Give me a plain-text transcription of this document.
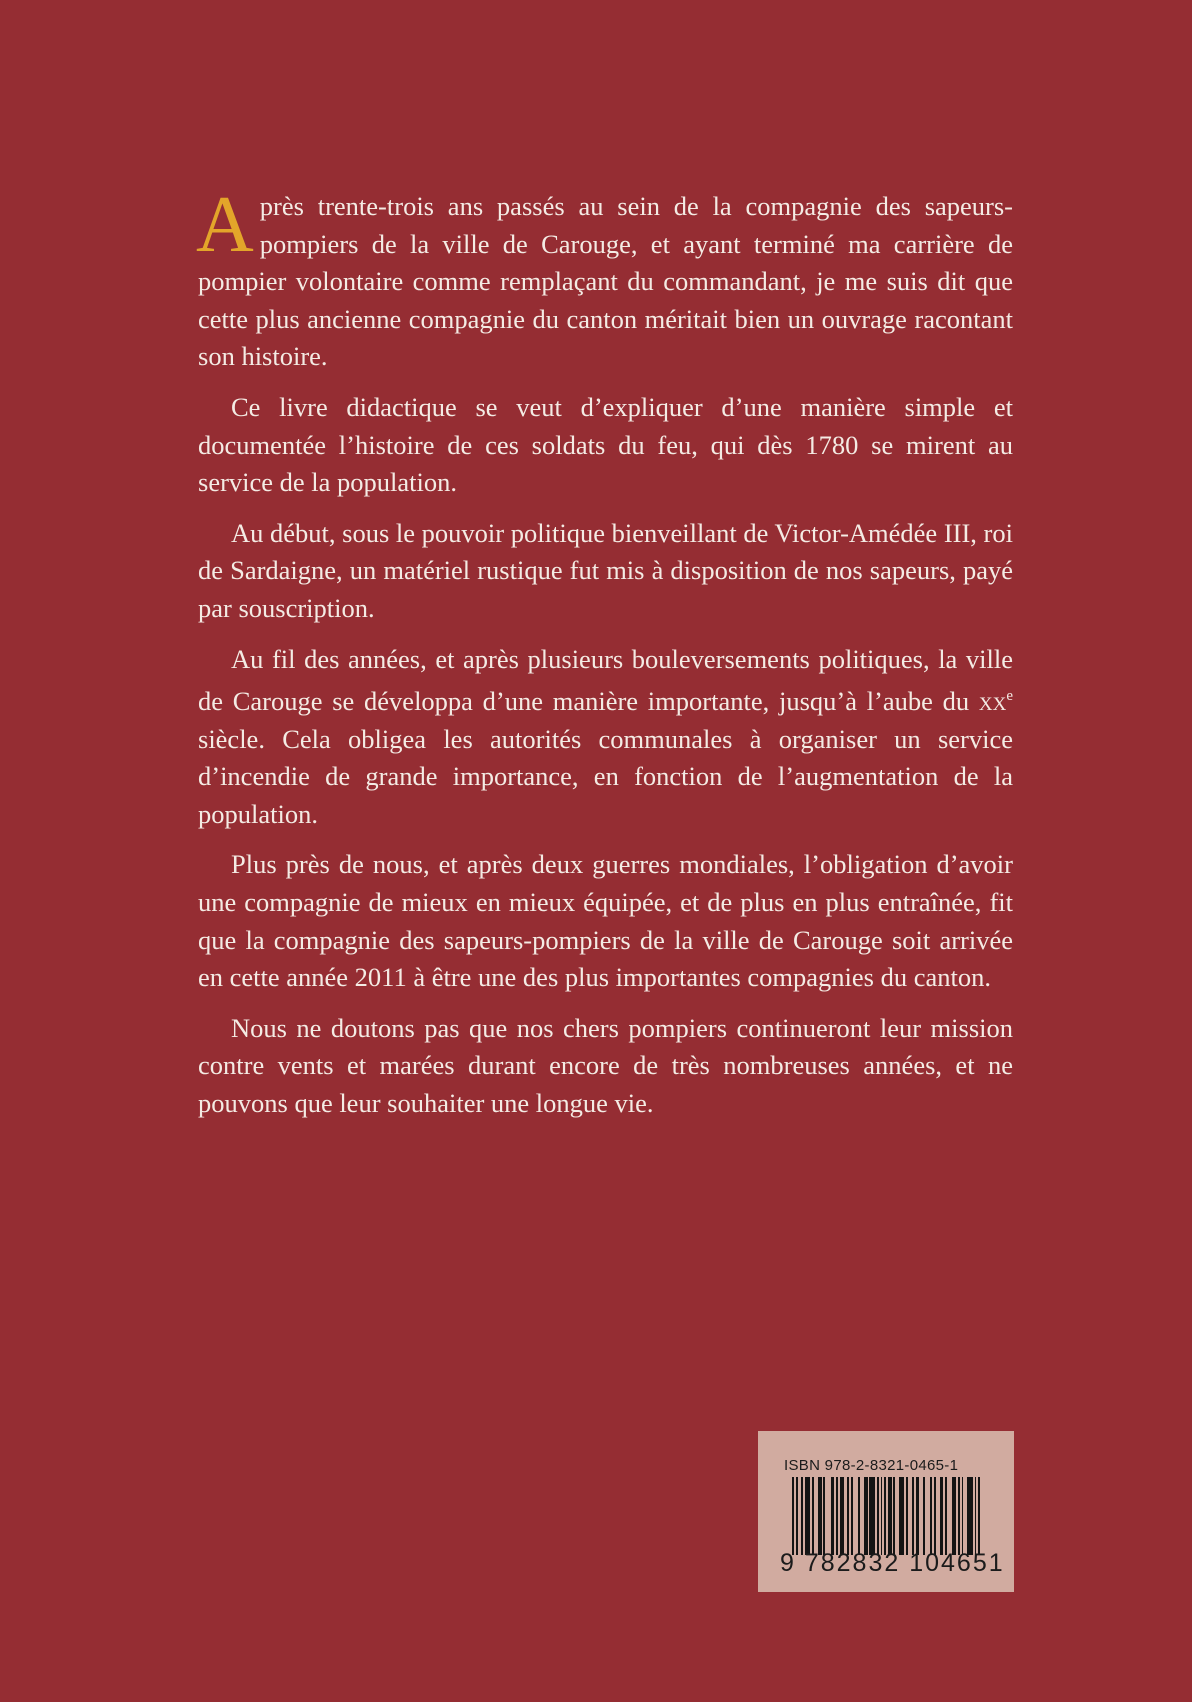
Après trente-trois ans passés au sein de la compagnie des sapeurs-pompiers de la ville de Carouge, et ayant terminé ma carrière de pompier volontaire comme remplaçant du commandant, je me suis dit que cette plus ancienne compagnie du canton méritait bien un ouvrage racontant son histoire.

Ce livre didactique se veut d’expliquer d’une manière simple et documentée l’histoire de ces soldats du feu, qui dès 1780 se mirent au service de la population.

Au début, sous le pouvoir politique bienveillant de Victor-Amédée III, roi de Sardaigne, un matériel rustique fut mis à disposition de nos sapeurs, payé par souscription.

Au fil des années, et après plusieurs bouleversements politiques, la ville de Carouge se développa d’une manière importante, jusqu’à l’aube du $xx^e$ siècle. Cela obligea les autorités communales à organiser un service d’incendie de grande importance, en fonction de l’augmentation de la population.

Plus près de nous, et après deux guerres mondiales, l’obligation d’avoir une compagnie de mieux en mieux équipée, et de plus en plus entraînée, fit que la compagnie des sapeurs-pompiers de la ville de Carouge soit arrivée en cette année 2011 à être une des plus importantes compagnies du canton.

Nous ne doutons pas que nos chers pompiers continueront leur mission contre vents et marées durant encore de très nombreuses années, et ne pouvons que leur souhaiter une longue vie.

ISBN 978-2-8321-0465-1
9 782832 104651
